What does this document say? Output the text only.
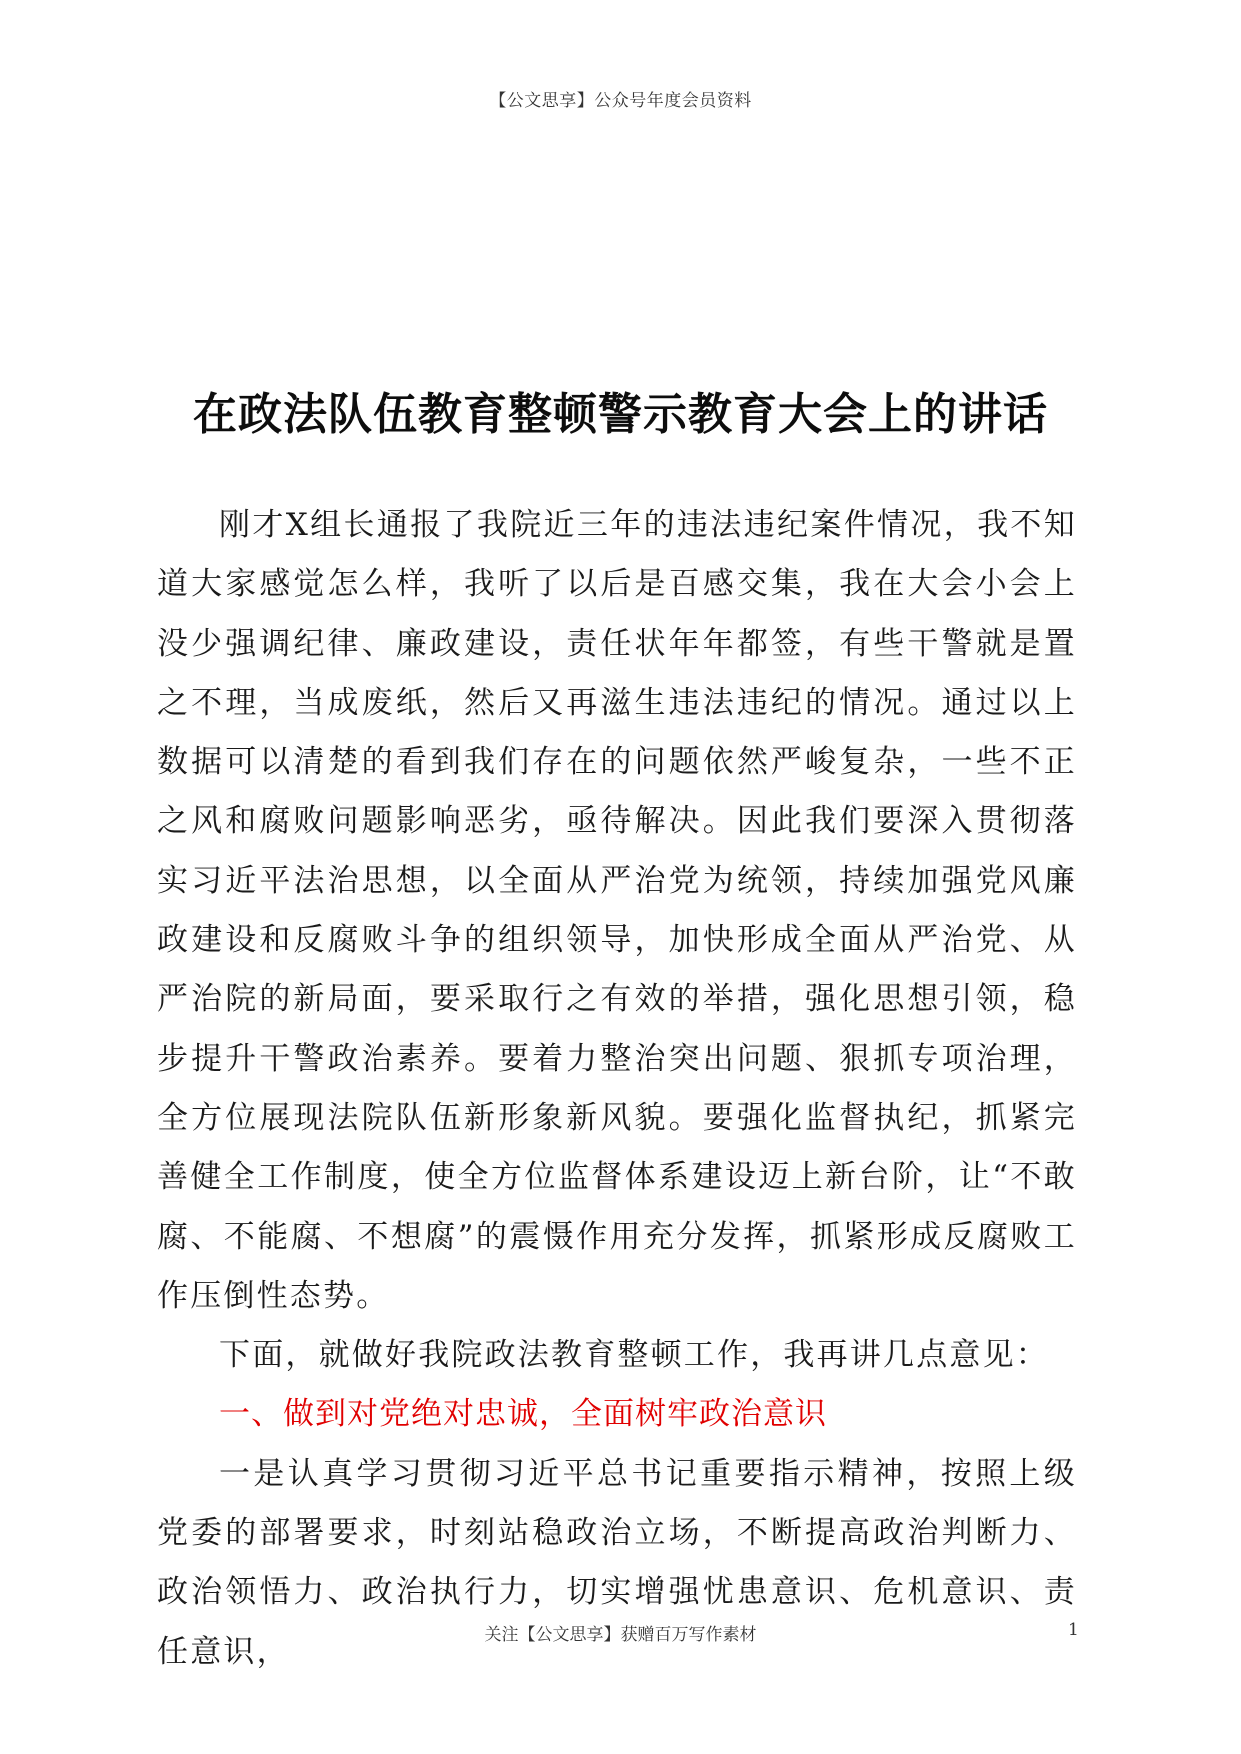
【公文思享】公众号年度会员资料
在政法队伍教育整顿警示教育大会上的讲话

刚才X组长通报了我院近三年的违法违纪案件情况，我不知道大家感觉怎么样，我听了以后是百感交集，我在大会小会上没少强调纪律、廉政建设，责任状年年都签，有些干警就是置之不理，当成废纸，然后又再滋生违法违纪的情况。通过以上数据可以清楚的看到我们存在的问题依然严峻复杂，一些不正之风和腐败问题影响恶劣，亟待解决。因此我们要深入贯彻落实习近平法治思想，以全面从严治党为统领，持续加强党风廉政建设和反腐败斗争的组织领导，加快形成全面从严治党、从严治院的新局面，要采取行之有效的举措，强化思想引领，稳步提升干警政治素养。要着力整治突出问题、狠抓专项治理，全方位展现法院队伍新形象新风貌。要强化监督执纪，抓紧完善健全工作制度，使全方位监督体系建设迈上新台阶，让“不敢腐、不能腐、不想腐”的震慑作用充分发挥，抓紧形成反腐败工作压倒性态势。

下面，就做好我院政法教育整顿工作，我再讲几点意见：

一、做到对党绝对忠诚，全面树牢政治意识

一是认真学习贯彻习近平总书记重要指示精神，按照上级党委的部署要求，时刻站稳政治立场，不断提高政治判断力、政治领悟力、政治执行力，切实增强忧患意识、危机意识、责任意识，	关注【公文思享】获赠百万写作素材	1
